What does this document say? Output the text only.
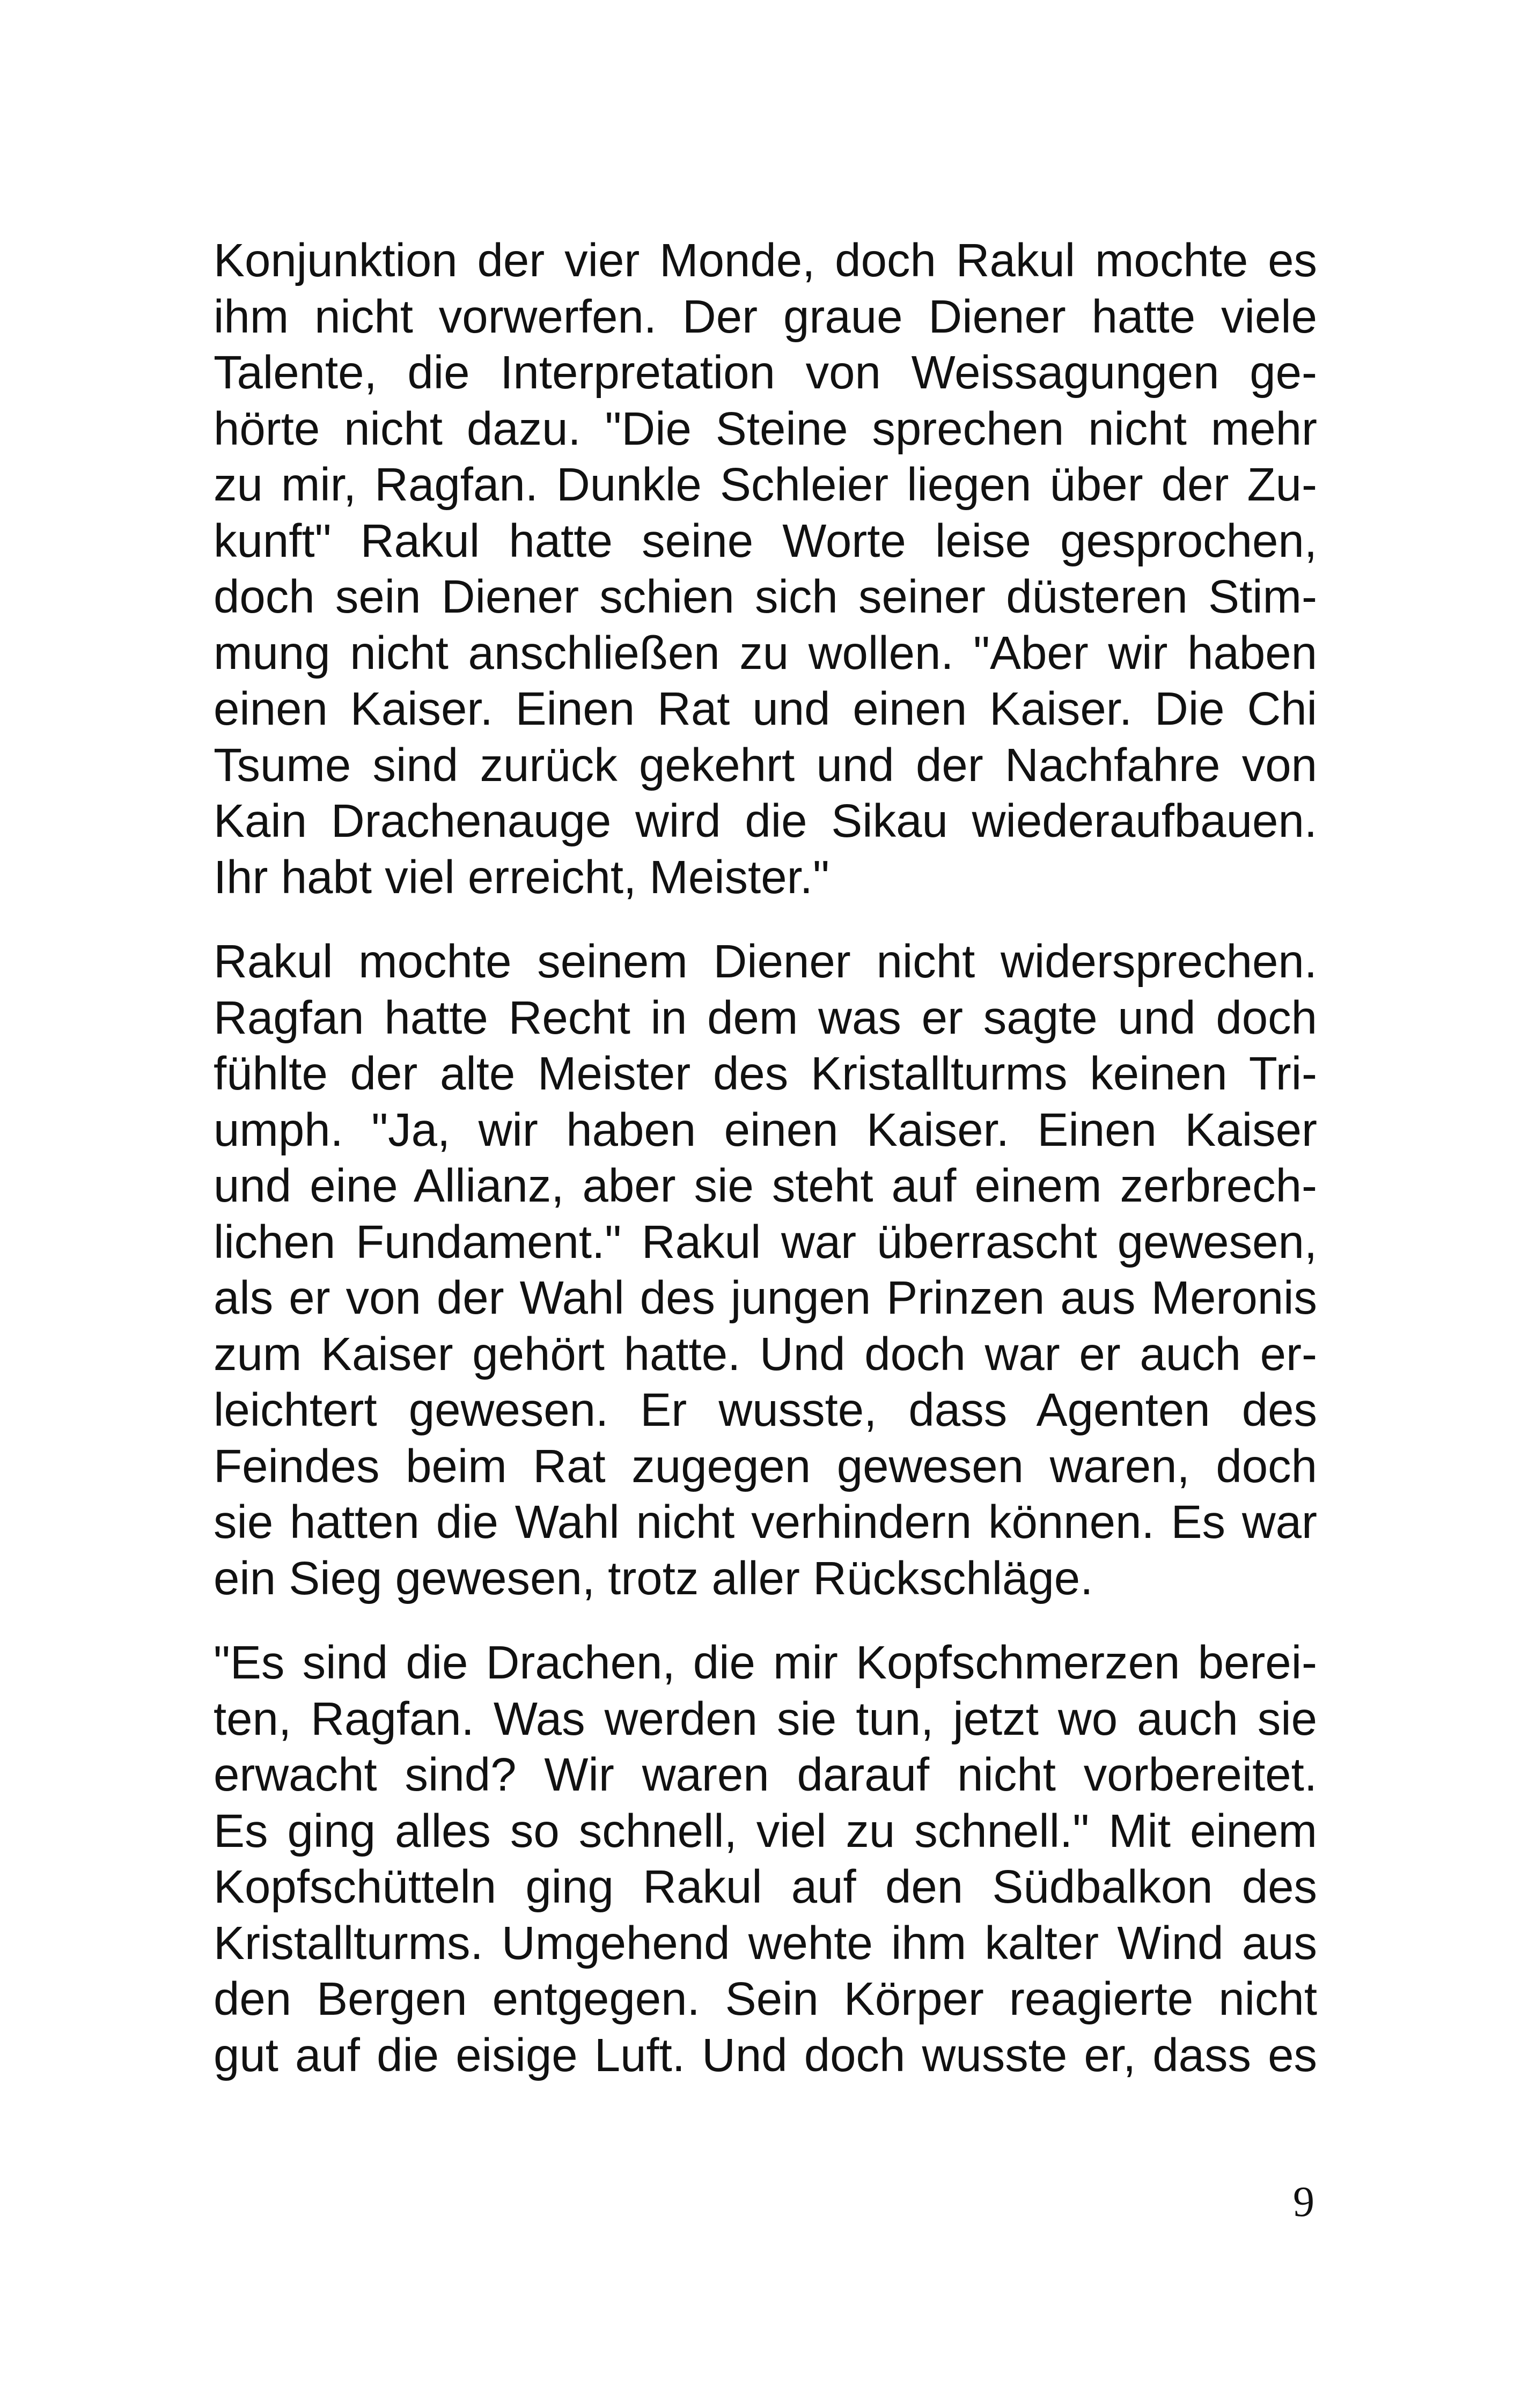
Konjunktion der vier Monde, doch Rakul mochte es
ihm nicht vorwerfen. Der graue Diener hatte viele
Talente, die Interpretation von Weissagungen ge-
hörte nicht dazu. "Die Steine sprechen nicht mehr
zu mir, Ragfan. Dunkle Schleier liegen über der Zu-
kunft" Rakul hatte seine Worte leise gesprochen,
doch sein Diener schien sich seiner düsteren Stim-
mung nicht anschließen zu wollen. "Aber wir haben
einen Kaiser. Einen Rat und einen Kaiser. Die Chi
Tsume sind zurück gekehrt und der Nachfahre von
Kain Drachenauge wird die Sikau wiederaufbauen.
Ihr habt viel erreicht, Meister."

Rakul mochte seinem Diener nicht widersprechen.
Ragfan hatte Recht in dem was er sagte und doch
fühlte der alte Meister des Kristallturms keinen Tri-
umph. "Ja, wir haben einen Kaiser. Einen Kaiser
und eine Allianz, aber sie steht auf einem zerbrech-
lichen Fundament." Rakul war überrascht gewesen,
als er von der Wahl des jungen Prinzen aus Meronis
zum Kaiser gehört hatte. Und doch war er auch er-
leichtert gewesen. Er wusste, dass Agenten des
Feindes beim Rat zugegen gewesen waren, doch
sie hatten die Wahl nicht verhindern können. Es war
ein Sieg gewesen, trotz aller Rückschläge.

"Es sind die Drachen, die mir Kopfschmerzen berei-
ten, Ragfan. Was werden sie tun, jetzt wo auch sie
erwacht sind? Wir waren darauf nicht vorbereitet.
Es ging alles so schnell, viel zu schnell." Mit einem
Kopfschütteln ging Rakul auf den Südbalkon des
Kristallturms. Umgehend wehte ihm kalter Wind aus
den Bergen entgegen. Sein Körper reagierte nicht
gut auf die eisige Luft. Und doch wusste er, dass es

9
